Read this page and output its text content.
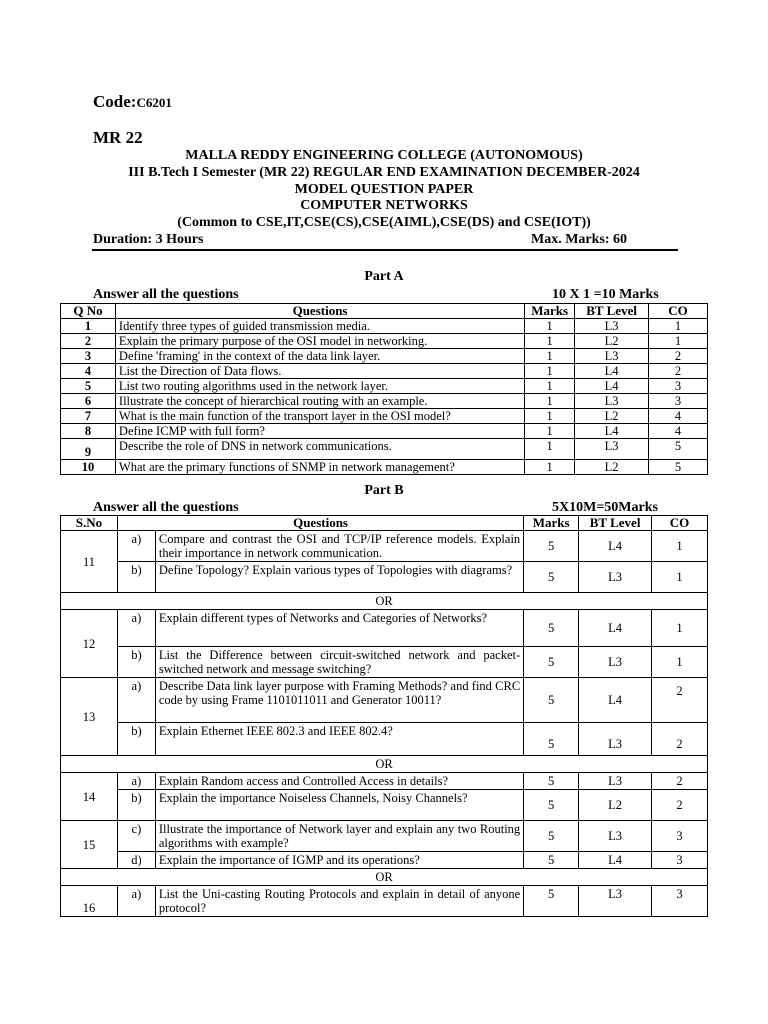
Code:C6201
MR 22
MALLA REDDY ENGINEERING COLLEGE (AUTONOMOUS)
III B.Tech I Semester (MR 22) REGULAR END EXAMINATION DECEMBER-2024
MODEL QUESTION PAPER
COMPUTER NETWORKS
(Common to CSE,IT,CSE(CS),CSE(AIML),CSE(DS) and CSE(IOT))
Duration: 3 Hours	Max. Marks: 60
Part A
Answer all the questions	10 X 1 =10 Marks
Q No	Questions	Marks	BT Level	CO
1	Identify three types of guided transmission media.	1	L3	1
2	Explain the primary purpose of the OSI model in networking.	1	L2	1
3	Define 'framing' in the context of the data link layer.	1	L3	2
4	List the Direction of Data flows.	1	L4	2
5	List two routing algorithms used in the network layer.	1	L4	3
6	Illustrate the concept of hierarchical routing with an example.	1	L3	3
7	What is the main function of the transport layer in the OSI model?	1	L2	4
8	Define ICMP with full form?	1	L4	4
9	Describe the role of DNS in network communications.	1	L3	5
10	What are the primary functions of SNMP in network management?	1	L2	5
Part B
Answer all the questions	5X10M=50Marks
S.No	Questions		Marks	BT Level	CO
11	a)	Compare and contrast the OSI and TCP/IP reference models. Explain their importance in network communication.	5	L4	1
	b)	Define Topology? Explain various types of Topologies with diagrams?	5	L3	1
OR					
12	a)	Explain different types of Networks and Categories of Networks?	5	L4	1
	b)	List the Difference between circuit-switched network and packet-switched network and message switching?	5	L3	1
13	a)	Describe Data link layer purpose with Framing Methods? and find CRC code by using Frame 1101011011 and Generator 10011?	5	L4	2
	b)	Explain Ethernet IEEE 802.3 and IEEE 802.4?	5	L3	2
OR					
14	a)	Explain Random access and Controlled Access in details?	5	L3	2
	b)	Explain the importance Noiseless Channels, Noisy Channels?	5	L2	2
15	c)	Illustrate the importance of Network layer and explain any two Routing algorithms with example?	5	L3	3
	d)	Explain the importance of IGMP and its operations?	5	L4	3
OR					
16	a)	List the Uni-casting Routing Protocols and explain in detail of anyone protocol?	5	L3	3
